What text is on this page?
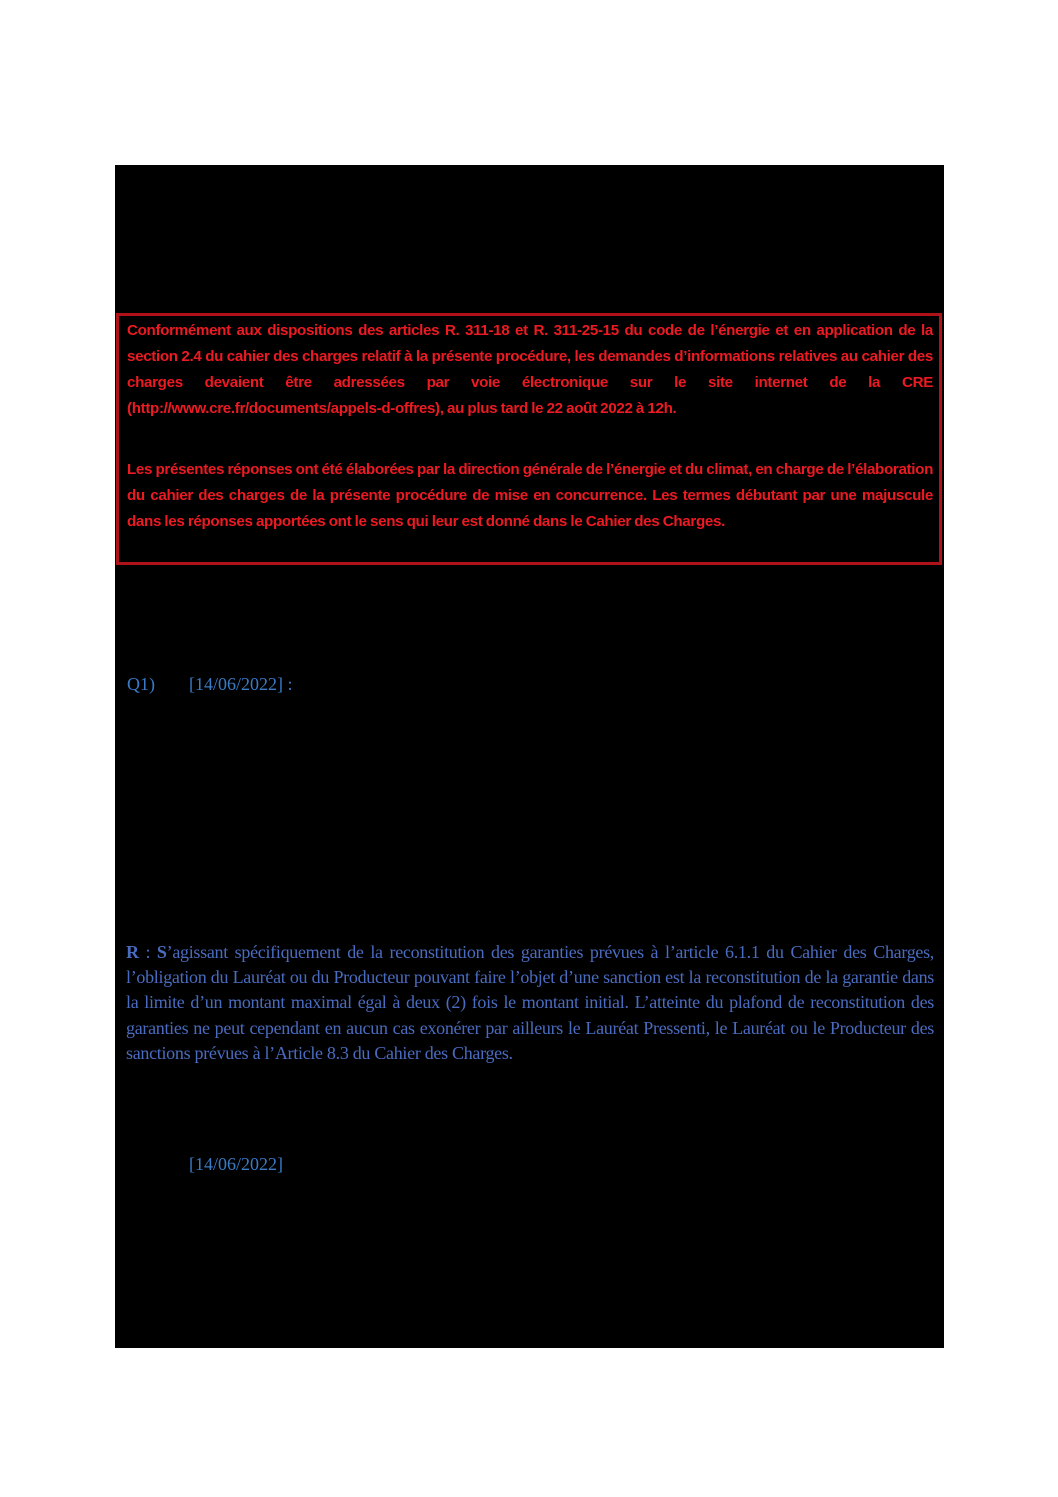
Conformément aux dispositions des articles R. 311-18 et R. 311-25-15 du code de l’énergie et en application de la section 2.4 du cahier des charges relatif à la présente procédure, les demandes d’informations relatives au cahier des charges devaient être adressées par voie électronique sur le site internet de la CRE (http://www.cre.fr/documents/appels-d-offres), au plus tard le 22 août 2022 à 12h.

Les présentes réponses ont été élaborées par la direction générale de l’énergie et du climat, en charge de l’élaboration du cahier des charges de la présente procédure de mise en concurrence. Les termes débutant par une majuscule dans les réponses apportées ont le sens qui leur est donné dans le Cahier des Charges.

Q1) [14/06/2022] :

R : S’agissant spécifiquement de la reconstitution des garanties prévues à l’article 6.1.1 du Cahier des Charges, l’obligation du Lauréat ou du Producteur pouvant faire l’objet d’une sanction est la reconstitution de la garantie dans la limite d’un montant maximal égal à deux (2) fois le montant initial. L’atteinte du plafond de reconstitution des garanties ne peut cependant en aucun cas exonérer par ailleurs le Lauréat Pressenti, le Lauréat ou le Producteur des sanctions prévues à l’Article 8.3 du Cahier des Charges.

[14/06/2022]
